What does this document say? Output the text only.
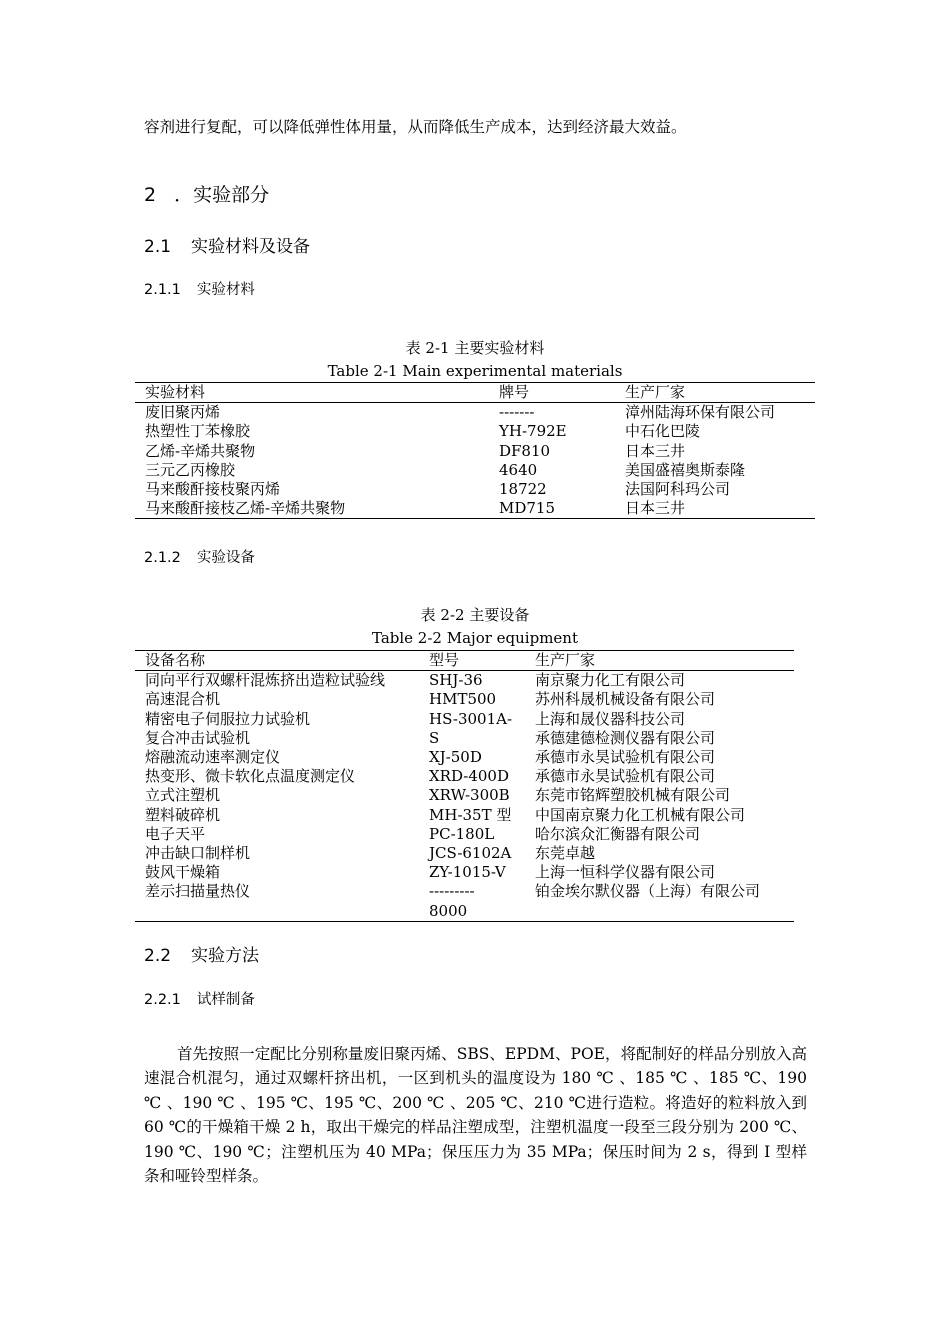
容剂进行复配，可以降低弹性体用量，从而降低生产成本，达到经济最大效益。
2 ．实验部分
2.1 实验材料及设备
2.1.1 实验材料
表 2-1 主要实验材料
Table 2-1 Main experimental materials
实验材料	牌号	生产厂家
废旧聚丙烯	-------	漳州陆海环保有限公司
热塑性丁苯橡胶	YH-792E	中石化巴陵
乙烯-辛烯共聚物	DF810	日本三井
三元乙丙橡胶	4640	美国盛禧奥斯泰隆
马来酸酐接枝聚丙烯	18722	法国阿科玛公司
马来酸酐接枝乙烯-辛烯共聚物	MD715	日本三井
2.1.2 实验设备
表 2-2 主要设备
Table 2-2 Major equipment
设备名称	型号	生产厂家
同向平行双螺杆混炼挤出造粒试验线	SHJ-36	南京聚力化工有限公司
高速混合机	HMT500	苏州科晟机械设备有限公司
精密电子伺服拉力试验机	HS-3001A-	上海和晟仪器科技公司
复合冲击试验机	S	承德建德检测仪器有限公司
熔融流动速率测定仪	XJ-50D	承德市永昊试验机有限公司
热变形、微卡软化点温度测定仪	XRD-400D	承德市永昊试验机有限公司
立式注塑机	XRW-300B	东莞市铭辉塑胶机械有限公司
塑料破碎机	MH-35T 型	中国南京聚力化工机械有限公司
电子天平	PC-180L	哈尔滨众汇衡器有限公司
冲击缺口制样机	JCS-6102A	东莞卓越
鼓风干燥箱	ZY-1015-V	上海一恒科学仪器有限公司
差示扫描量热仪	---------	铂金埃尔默仪器（上海）有限公司
	8000	
2.2 实验方法
2.2.1 试样制备
首先按照一定配比分别称量废旧聚丙烯、SBS、EPDM、POE，将配制好的样品分别放入高速混合机混匀，通过双螺杆挤出机，一区到机头的温度设为 180 ℃ 、185 ℃ 、185 ℃、190 ℃ 、190 ℃ 、195 ℃、195 ℃、200 ℃ 、205 ℃、210 ℃进行造粒。将造好的粒料放入到 60 ℃的干燥箱干燥 2 h，取出干燥完的样品注塑成型，注塑机温度一段至三段分别为 200 ℃、190 ℃、190 ℃；注塑机压为 40 MPa；保压压力为 35 MPa；保压时间为 2 s，得到 I 型样条和哑铃型样条。
